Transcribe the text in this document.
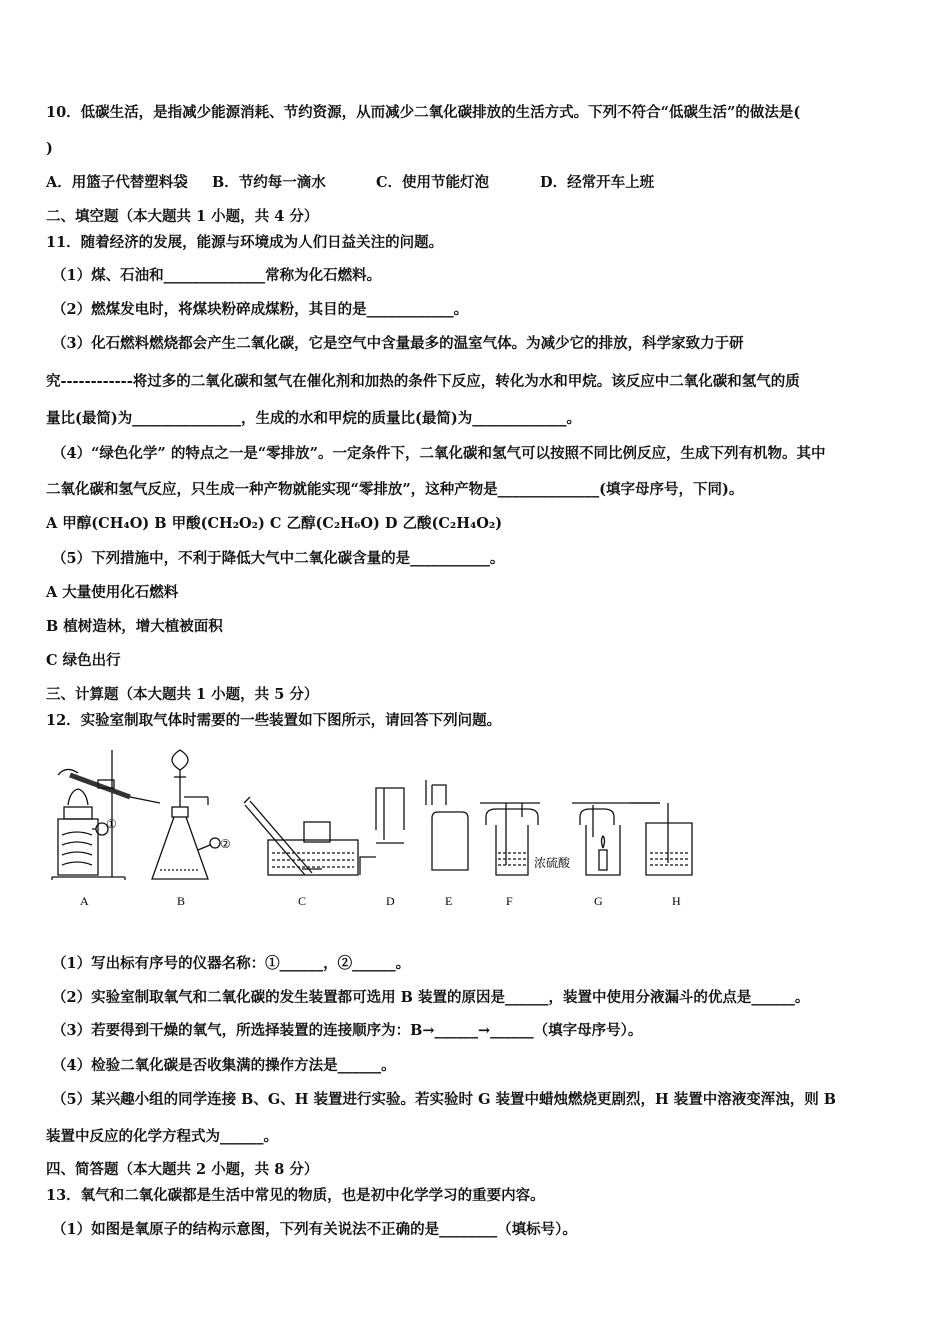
10．低碳生活，是指减少能源消耗、节约资源，从而减少二氧化碳排放的生活方式。下列不符合“低碳生活”的做法是(
)
A．用篮子代替塑料袋 B．节约每一滴水	C．使用节能灯泡	D．经常开车上班
二、填空题（本大题共 1 小题，共 4 分）
11．随着经济的发展，能源与环境成为人们日益关注的问题。
（1）煤、石油和______________常称为化石燃料。
（2）燃煤发电时，将煤块粉碎成煤粉，其目的是____________。
（3）化石燃料燃烧都会产生二氧化碳，它是空气中含量最多的温室气体。为减少它的排放，科学家致力于研
究------------将过多的二氧化碳和氢气在催化剂和加热的条件下反应，转化为水和甲烷。该反应中二氧化碳和氢气的质
量比(最简)为_______________，生成的水和甲烷的质量比(最简)为_____________。
（4）“绿色化学” 的特点之一是“零排放”。一定条件下，二氧化碳和氢气可以按照不同比例反应，生成下列有机物。其中
二氧化碳和氢气反应，只生成一种产物就能实现“零排放”，这种产物是______________(填字母序号，下同)。
A 甲醇(CH₄O) B 甲酸(CH₂O₂) C 乙醇(C₂H₆O) D 乙酸(C₂H₄O₂)
（5）下列措施中，不利于降低大气中二氧化碳含量的是___________。
A 大量使用化石燃料
B 植树造林，增大植被面积
C 绿色出行
三、计算题（本大题共 1 小题，共 5 分）
12．实验室制取气体时需要的一些装置如下图所示，请回答下列问题。
①
②
浓硫酸
A	B	C	D	E	F	G	H
（1）写出标有序号的仪器名称：①______，②______。
（2）实验室制取氧气和二氧化碳的发生装置都可选用 B 装置的原因是______，装置中使用分液漏斗的优点是______。
（3）若要得到干燥的氧气，所选择装置的连接顺序为：B→______→______（填字母序号）。
（4）检验二氧化碳是否收集满的操作方法是______。
（5）某兴趣小组的同学连接 B、G、H 装置进行实验。若实验时 G 装置中蜡烛燃烧更剧烈，H 装置中溶液变浑浊，则 B
装置中反应的化学方程式为______。
四、简答题（本大题共 2 小题，共 8 分）
13．氧气和二氧化碳都是生活中常见的物质，也是初中化学学习的重要内容。
（1）如图是氧原子的结构示意图，下列有关说法不正确的是________（填标号）。
